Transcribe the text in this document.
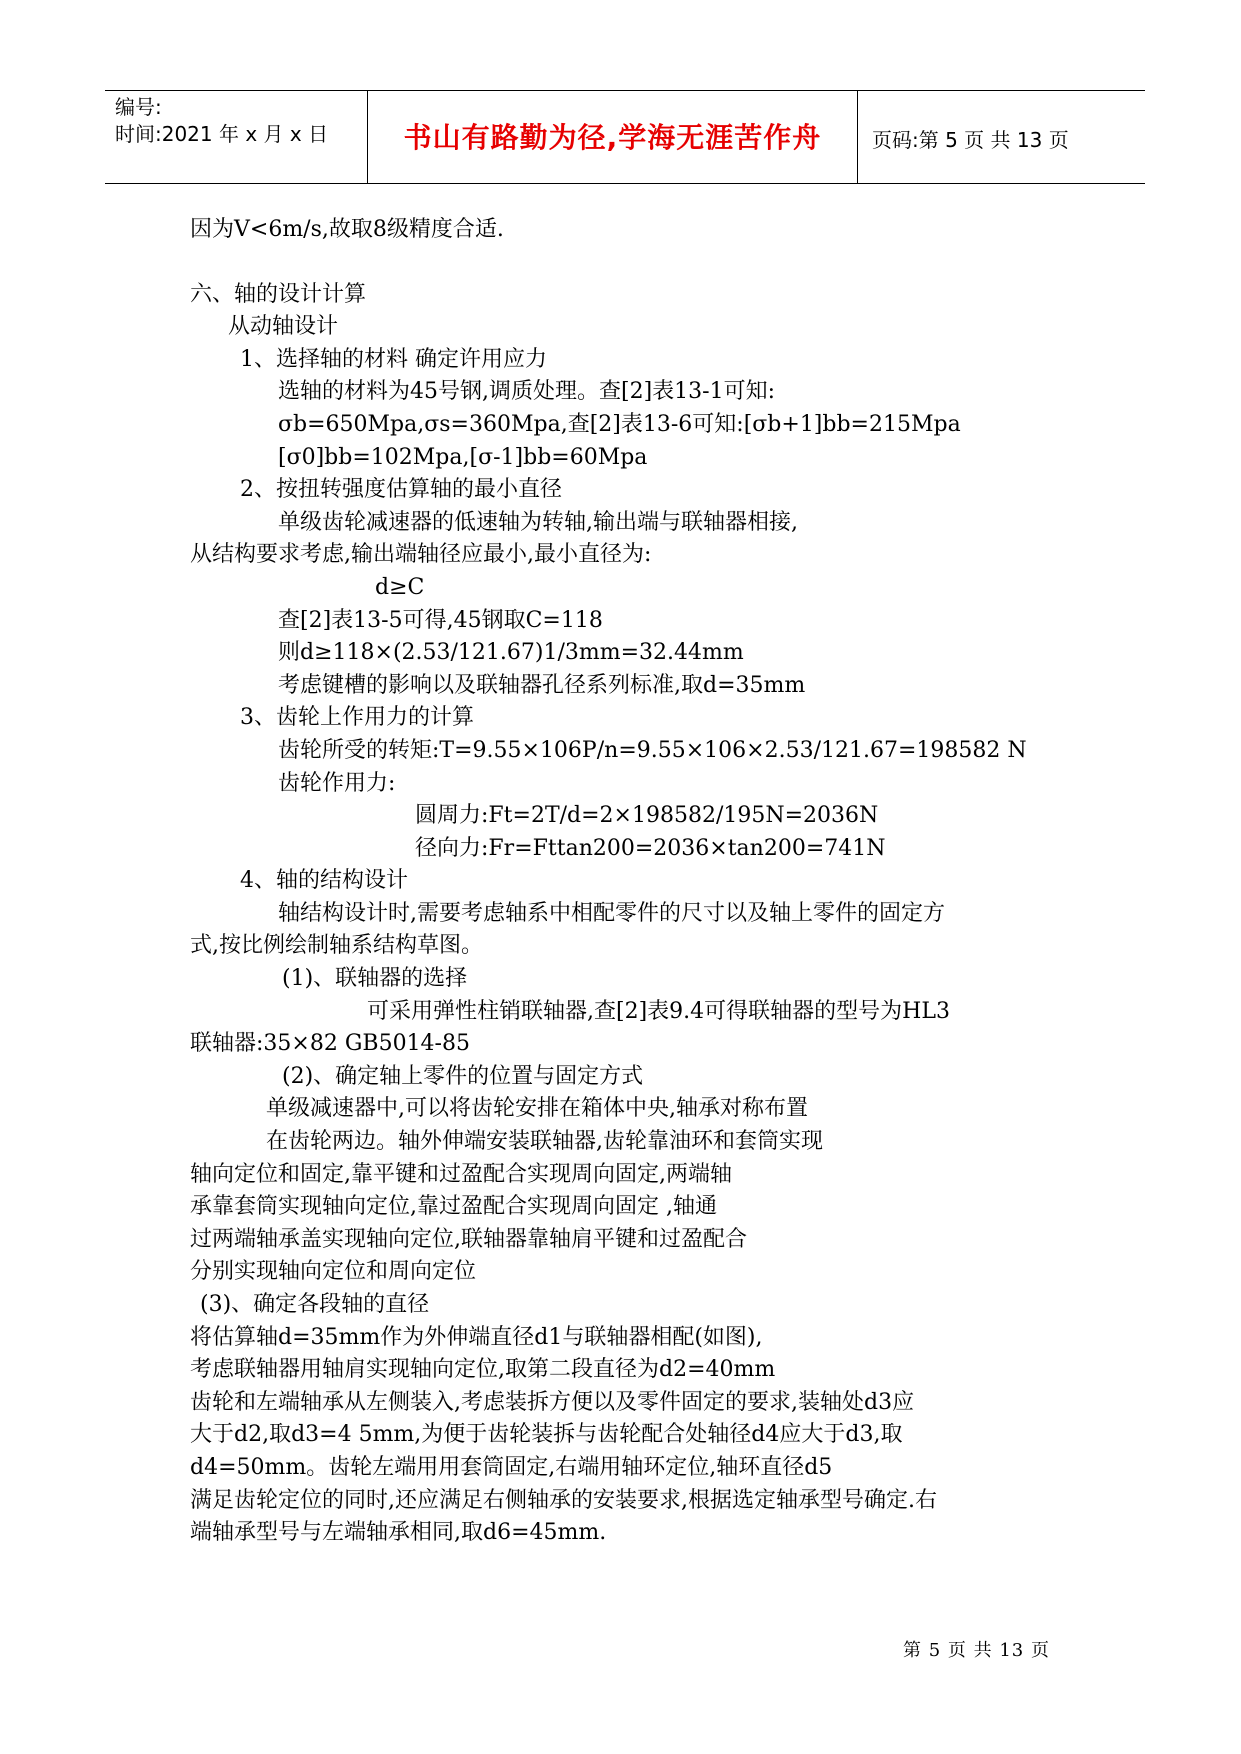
编号:
时间:2021 年 x 月 x 日	书山有路勤为径,学海无涯苦作舟	页码:第 5 页 共 13 页
因为V<6m/s,故取8级精度合适.
六、轴的设计计算
从动轴设计
1、选择轴的材料 确定许用应力
选轴的材料为45号钢,调质处理。查[2]表13-1可知:
σb=650Mpa,σs=360Mpa,查[2]表13-6可知:[σb+1]bb=215Mpa
[σ0]bb=102Mpa,[σ-1]bb=60Mpa
2、按扭转强度估算轴的最小直径
单级齿轮减速器的低速轴为转轴,输出端与联轴器相接,
从结构要求考虑,输出端轴径应最小,最小直径为:
d≥C
查[2]表13-5可得,45钢取C=118
则d≥118×(2.53/121.67)1/3mm=32.44mm
考虑键槽的影响以及联轴器孔径系列标准,取d=35mm
3、齿轮上作用力的计算
齿轮所受的转矩:T=9.55×106P/n=9.55×106×2.53/121.67=198582 N
齿轮作用力:
圆周力:Ft=2T/d=2×198582/195N=2036N
径向力:Fr=Fttan200=2036×tan200=741N
4、轴的结构设计
轴结构设计时,需要考虑轴系中相配零件的尺寸以及轴上零件的固定方
式,按比例绘制轴系结构草图。
(1)、联轴器的选择
可采用弹性柱销联轴器,查[2]表9.4可得联轴器的型号为HL3
联轴器:35×82 GB5014-85
(2)、确定轴上零件的位置与固定方式
单级减速器中,可以将齿轮安排在箱体中央,轴承对称布置
在齿轮两边。轴外伸端安装联轴器,齿轮靠油环和套筒实现
轴向定位和固定,靠平键和过盈配合实现周向固定,两端轴
承靠套筒实现轴向定位,靠过盈配合实现周向固定 ,轴通
过两端轴承盖实现轴向定位,联轴器靠轴肩平键和过盈配合
分别实现轴向定位和周向定位
(3)、确定各段轴的直径
将估算轴d=35mm作为外伸端直径d1与联轴器相配(如图),
考虑联轴器用轴肩实现轴向定位,取第二段直径为d2=40mm
齿轮和左端轴承从左侧装入,考虑装拆方便以及零件固定的要求,装轴处d3应
大于d2,取d3=4 5mm,为便于齿轮装拆与齿轮配合处轴径d4应大于d3,取
d4=50mm。齿轮左端用用套筒固定,右端用轴环定位,轴环直径d5
满足齿轮定位的同时,还应满足右侧轴承的安装要求,根据选定轴承型号确定.右
端轴承型号与左端轴承相同,取d6=45mm.
第 5 页 共 13 页
